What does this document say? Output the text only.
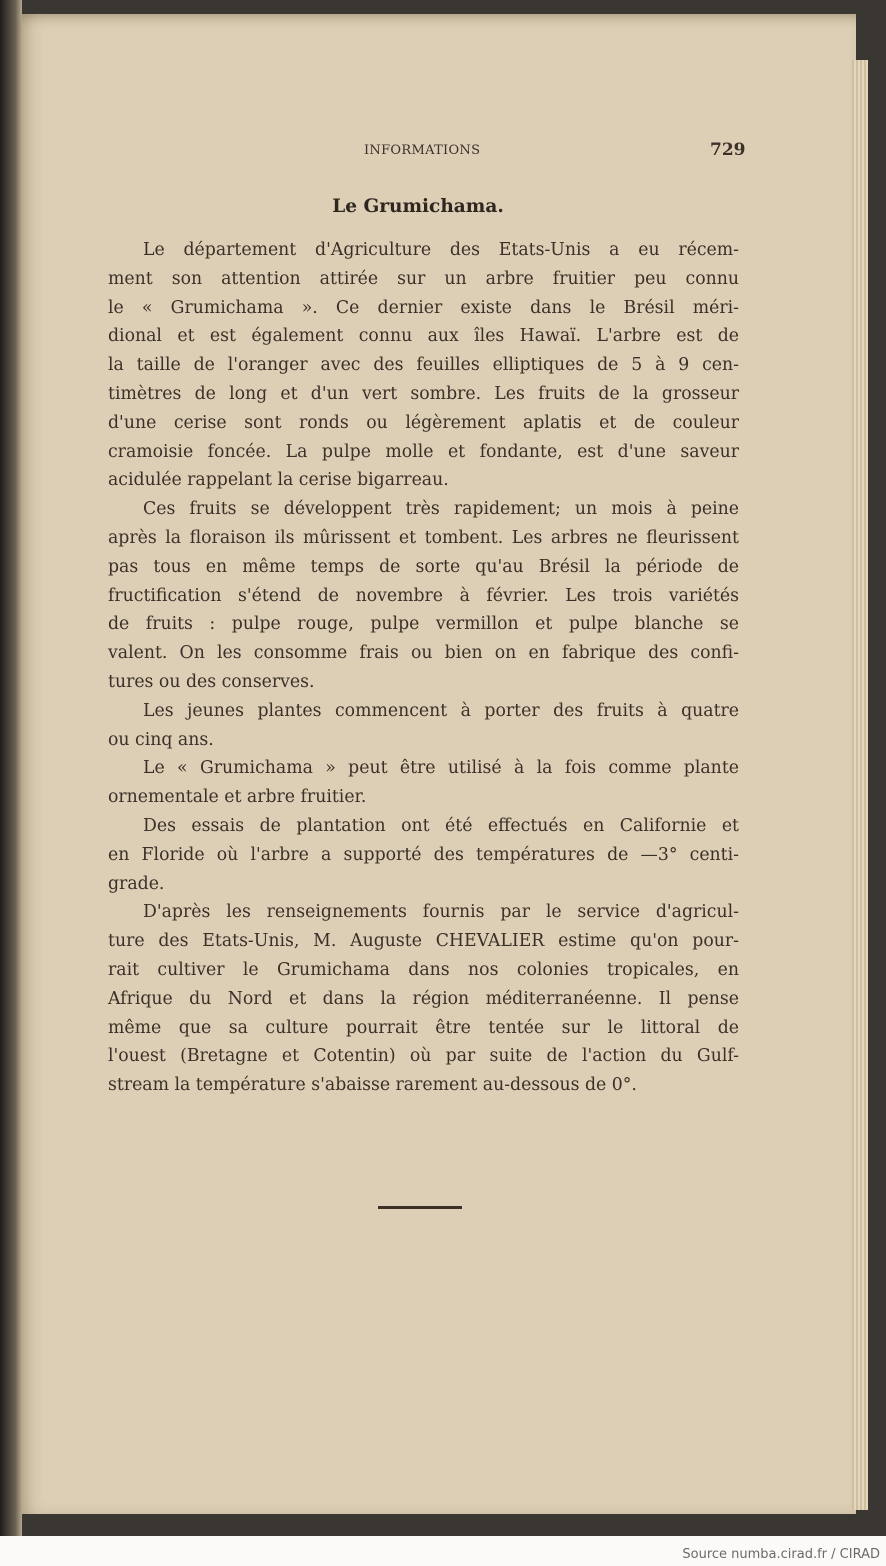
INFORMATIONS	729
Le Grumichama.
Le département d'Agriculture des Etats-Unis a eu récem-
ment son attention attirée sur un arbre fruitier peu connu
le « Grumichama ». Ce dernier existe dans le Brésil méri-
dional et est également connu aux îles Hawaï. L'arbre est de
la taille de l'oranger avec des feuilles elliptiques de 5 à 9 cen-
timètres de long et d'un vert sombre. Les fruits de la grosseur
d'une cerise sont ronds ou légèrement aplatis et de couleur
cramoisie foncée. La pulpe molle et fondante, est d'une saveur
acidulée rappelant la cerise bigarreau.
Ces fruits se développent très rapidement; un mois à peine
après la floraison ils mûrissent et tombent. Les arbres ne fleurissent
pas tous en même temps de sorte qu'au Brésil la période de
fructification s'étend de novembre à février. Les trois variétés
de fruits : pulpe rouge, pulpe vermillon et pulpe blanche se
valent. On les consomme frais ou bien on en fabrique des confi-
tures ou des conserves.
Les jeunes plantes commencent à porter des fruits à quatre
ou cinq ans.
Le « Grumichama » peut être utilisé à la fois comme plante
ornementale et arbre fruitier.
Des essais de plantation ont été effectués en Californie et
en Floride où l'arbre a supporté des températures de —3° centi-
grade.
D'après les renseignements fournis par le service d'agricul-
ture des Etats-Unis, M. Auguste CHEVALIER estime qu'on pour-
rait cultiver le Grumichama dans nos colonies tropicales, en
Afrique du Nord et dans la région méditerranéenne. Il pense
même que sa culture pourrait être tentée sur le littoral de
l'ouest (Bretagne et Cotentin) où par suite de l'action du Gulf-
stream la température s'abaisse rarement au-dessous de 0°.
Source numba.cirad.fr / CIRAD
